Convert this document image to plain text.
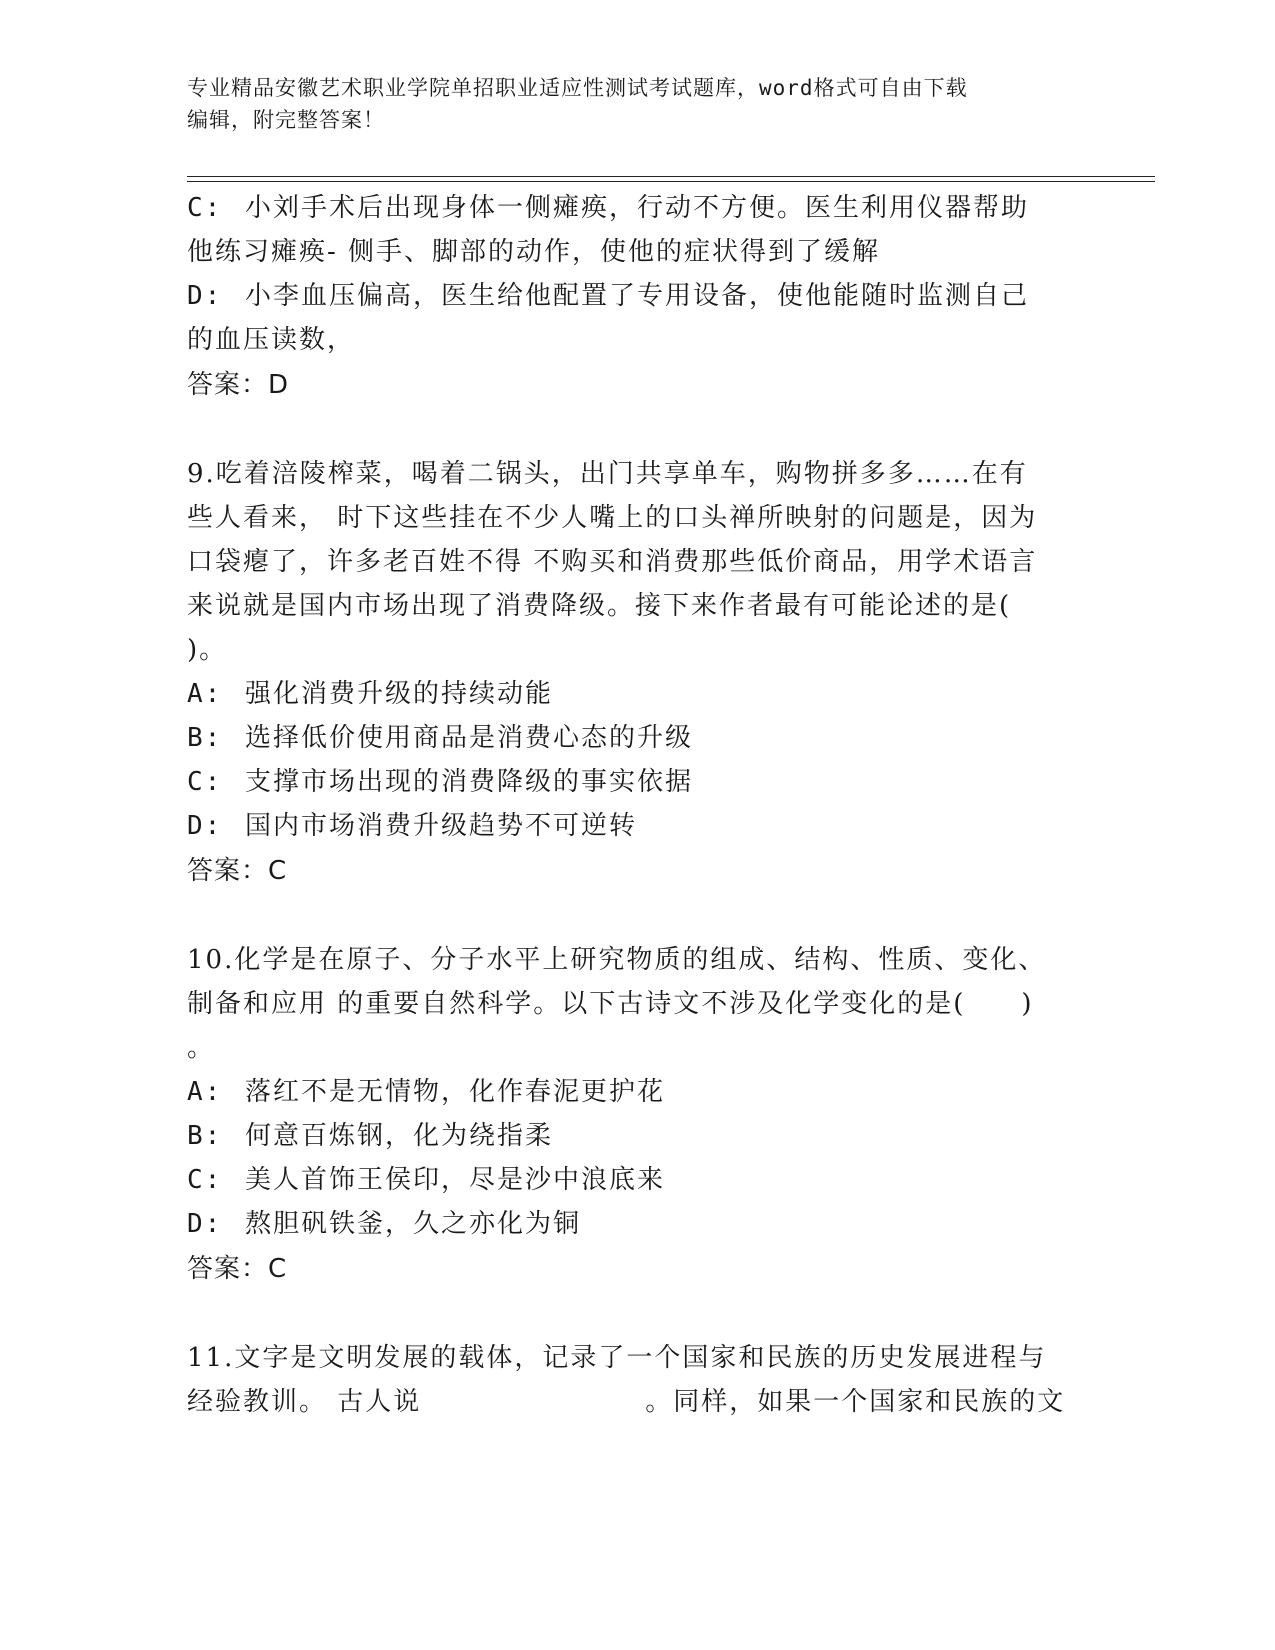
专业精品安徽艺术职业学院单招职业适应性测试考试题库，word格式可自由下载
编辑，附完整答案！
C: 小刘手术后出现身体一侧瘫痪，行动不方便。医生利用仪器帮助
他练习瘫痪- 侧手、脚部的动作，使他的症状得到了缓解
D: 小李血压偏高，医生给他配置了专用设备，使他能随时监测自己
的血压读数，
答案：D
9.吃着涪陵榨菜，喝着二锅头，出门共享单车，购物拼多多……在有
些人看来， 时下这些挂在不少人嘴上的口头禅所映射的问题是，因为
口袋瘪了，许多老百姓不得 不购买和消费那些低价商品，用学术语言
来说就是国内市场出现了消费降级。接下来作者最有可能论述的是(
)。
A: 强化消费升级的持续动能
B: 选择低价使用商品是消费心态的升级
C: 支撑市场出现的消费降级的事实依据
D: 国内市场消费升级趋势不可逆转
答案：C
10.化学是在原子、分子水平上研究物质的组成、结构、性质、变化、
制备和应用 的重要自然科学。以下古诗文不涉及化学变化的是(　　)
。
A: 落红不是无情物，化作春泥更护花
B: 何意百炼钢，化为绕指柔
C: 美人首饰王侯印，尽是沙中浪底来
D: 熬胆矾铁釜，久之亦化为铜
答案：C
11.文字是文明发展的载体，记录了一个国家和民族的历史发展进程与
经验教训。 古人说　　　　　　　　。同样，如果一个国家和民族的文
